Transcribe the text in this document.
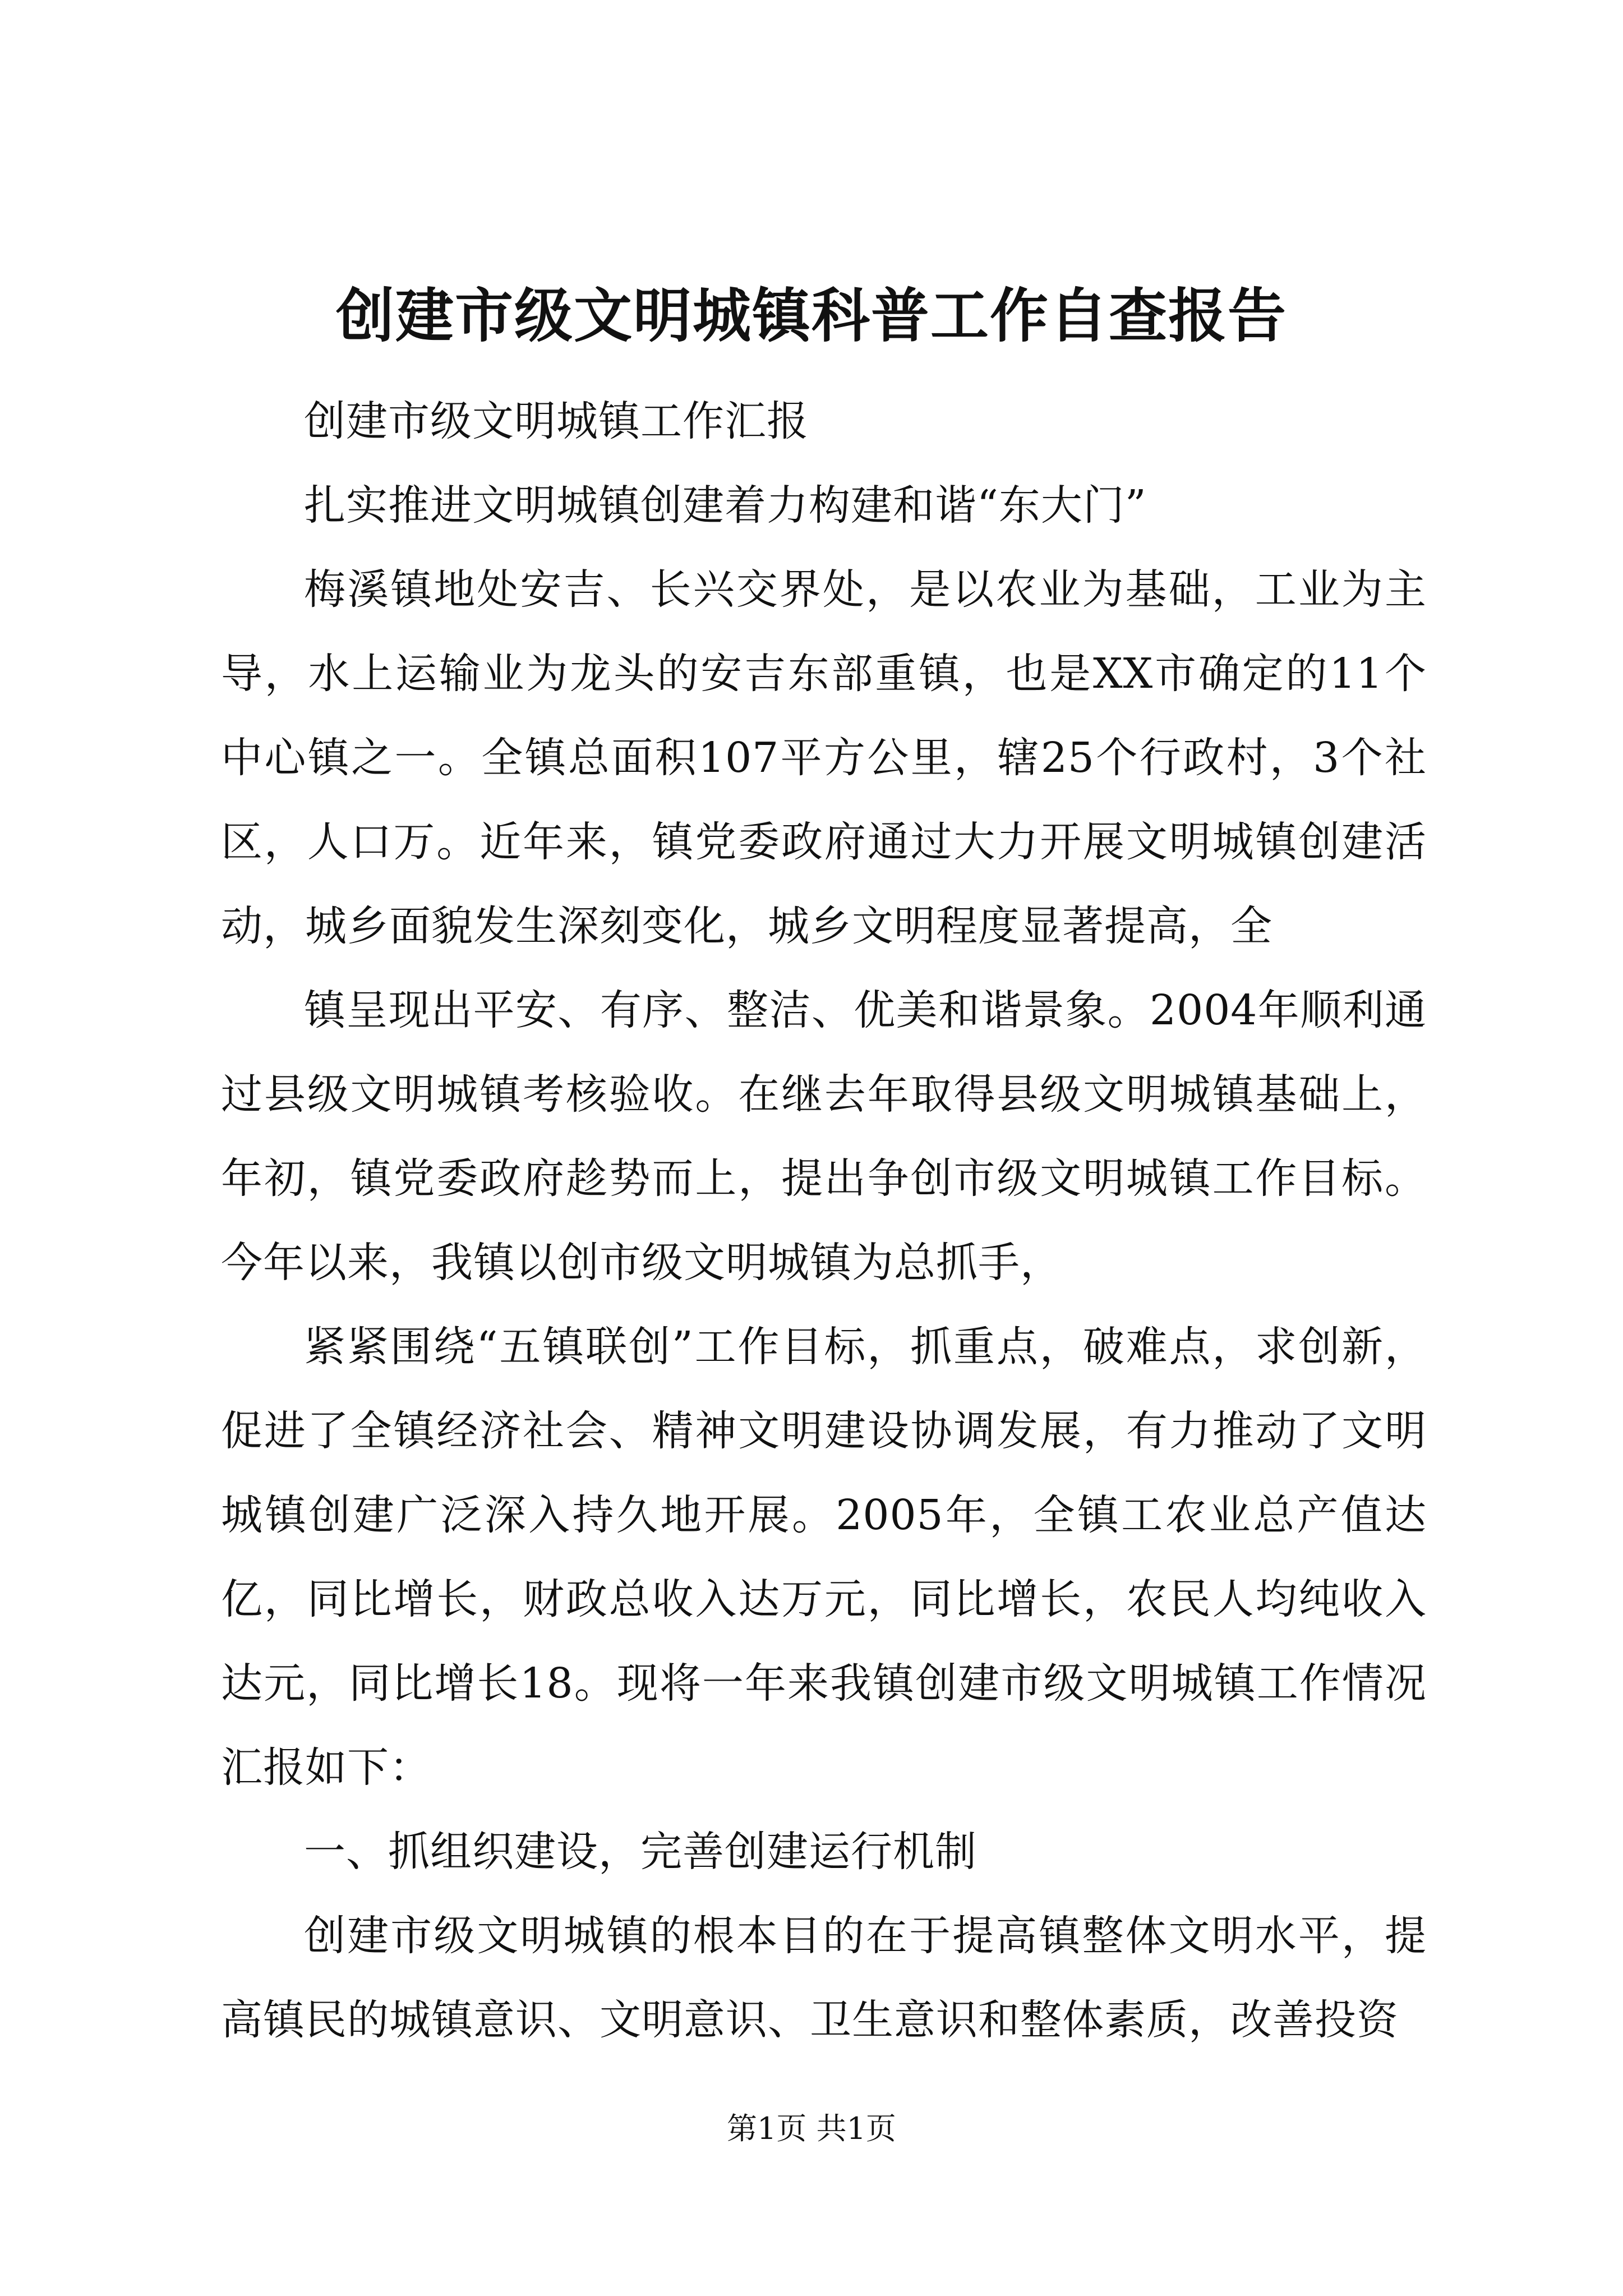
创建市级文明城镇科普工作自查报告

创建市级文明城镇工作汇报

扎实推进文明城镇创建着力构建和谐“东大门”

梅溪镇地处安吉、长兴交界处，是以农业为基础，工业为主导，水上运输业为龙头的安吉东部重镇，也是XX市确定的11个中心镇之一。全镇总面积107平方公里，辖25个行政村，3个社区，人口万。近年来，镇党委政府通过大力开展文明城镇创建活动，城乡面貌发生深刻变化，城乡文明程度显著提高，全

镇呈现出平安、有序、整洁、优美和谐景象。2004年顺利通过县级文明城镇考核验收。在继去年取得县级文明城镇基础上，年初，镇党委政府趁势而上，提出争创市级文明城镇工作目标。今年以来，我镇以创市级文明城镇为总抓手，

紧紧围绕“五镇联创”工作目标，抓重点，破难点，求创新，促进了全镇经济社会、精神文明建设协调发展，有力推动了文明城镇创建广泛深入持久地开展。2005年，全镇工农业总产值达亿，同比增长，财政总收入达万元，同比增长，农民人均纯收入达元，同比增长18。现将一年来我镇创建市级文明城镇工作情况汇报如下：

一、抓组织建设，完善创建运行机制

创建市级文明城镇的根本目的在于提高镇整体文明水平，提高镇民的城镇意识、文明意识、卫生意识和整体素质，改善投资

第1页 共1页
